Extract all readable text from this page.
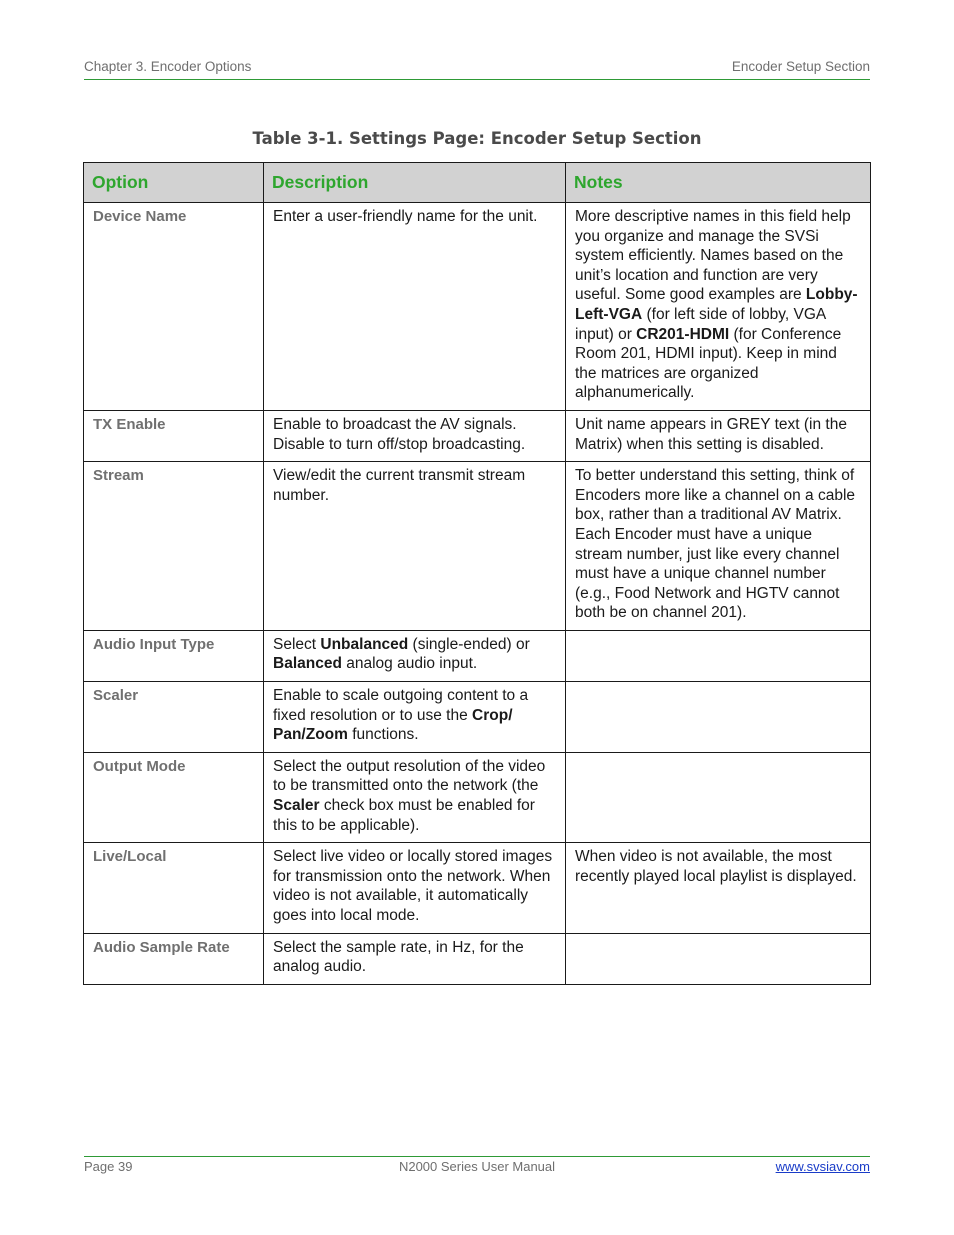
Chapter 3. Encoder Options	Encoder Setup Section
Table 3-1. Settings Page: Encoder Setup Section
Option	Description	Notes
Device Name	Enter a user-friendly name for the unit.	More descriptive names in this field help you organize and manage the SVSi system efficiently. Names based on the unit’s location and function are very useful. Some good examples are Lobby-Left-VGA (for left side of lobby, VGA input) or CR201-HDMI (for Conference Room 201, HDMI input). Keep in mind the matrices are organized alphanumerically.
TX Enable	Enable to broadcast the AV signals. Disable to turn off/stop broadcasting.	Unit name appears in GREY text (in the Matrix) when this setting is disabled.
Stream	View/edit the current transmit stream number.	To better understand this setting, think of Encoders more like a channel on a cable box, rather than a traditional AV Matrix. Each Encoder must have a unique stream number, just like every channel must have a unique channel number (e.g., Food Network and HGTV cannot both be on channel 201).
Audio Input Type	Select Unbalanced (single-ended) or Balanced analog audio input.	
Scaler	Enable to scale outgoing content to a fixed resolution or to use the Crop/ Pan/Zoom functions.	
Output Mode	Select the output resolution of the video to be transmitted onto the network (the Scaler check box must be enabled for this to be applicable).	
Live/Local	Select live video or locally stored images for transmission onto the network. When video is not available, it automatically goes into local mode.	When video is not available, the most recently played local playlist is displayed.
Audio Sample Rate	Select the sample rate, in Hz, for the analog audio.	
Page 39	N2000 Series User Manual	www.svsiav.com
